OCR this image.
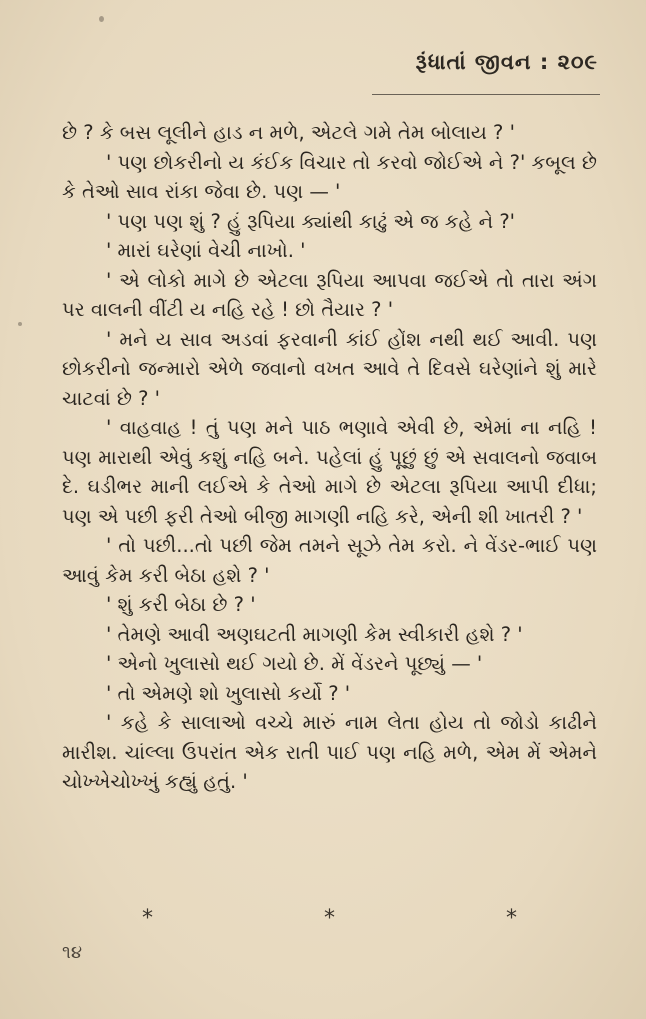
રૂંધાતાં જીવન : ૨૦૯

છે ? કે બસ લૂલીને હાડ ન મળે, એટલે ગમે તેમ બોલાય ? '

' પણ છોકરીનો ય કંઈક વિચાર તો કરવો જોઈએ ને ?' કબૂલ છે કે તેઓ સાવ રાંકા જેવા છે. પણ — '

' પણ પણ શું ? હું રૂપિયા ક્યાંથી કાઢું એ જ કહે ને ?'

' મારાં ઘરેણાં વેચી નાખો. '

' એ લોકો માગે છે એટલા રૂપિયા આપવા જઈએ તો તારા અંગ પર વાલની વીંટી ય નહિ રહે ! છો તૈયાર ? '

' મને ય સાવ અડવાં ફરવાની કાંઈ હોંશ નથી થઈ આવી. પણ છોકરીનો જન્મારો એળે જવાનો વખત આવે તે દિવસે ઘરેણાંને શું મારે ચાટવાં છે ? '

' વાહવાહ ! તું પણ મને પાઠ ભણાવે એવી છે, એમાં ના નહિ ! પણ મારાથી એવું કશું નહિ બને. પહેલાં હું પૂછું છું એ સવાલનો જવાબ દે. ઘડીભર માની લઈએ કે તેઓ માગે છે એટલા રૂપિયા આપી દીધા; પણ એ પછી ફરી તેઓ બીજી માગણી નહિ કરે, એની શી ખાતરી ? '

' તો પછી...તો પછી જેમ તમને સૂઝે તેમ કરો. ને વેંડર-ભાઈ પણ આવું કેમ કરી બેઠા હશે ? '

' શું કરી બેઠા છે ? '

' તેમણે આવી અણઘટતી માગણી કેમ સ્વીકારી હશે ? '

' એનો ખુલાસો થઈ ગયો છે. મેં વેંડરને પૂછ્યું — '

' તો એમણે શો ખુલાસો કર્યો ? '

' કહે કે સાલાઓ વચ્ચે મારું નામ લેતા હોય તો જોડો કાઢીને મારીશ. ચાંલ્લા ઉપરાંત એક રાતી પાઈ પણ નહિ મળે, એમ મેં એમને ચોખ્ખેચોખ્ખું કહ્યું હતું. '

*	*	*
૧૪
